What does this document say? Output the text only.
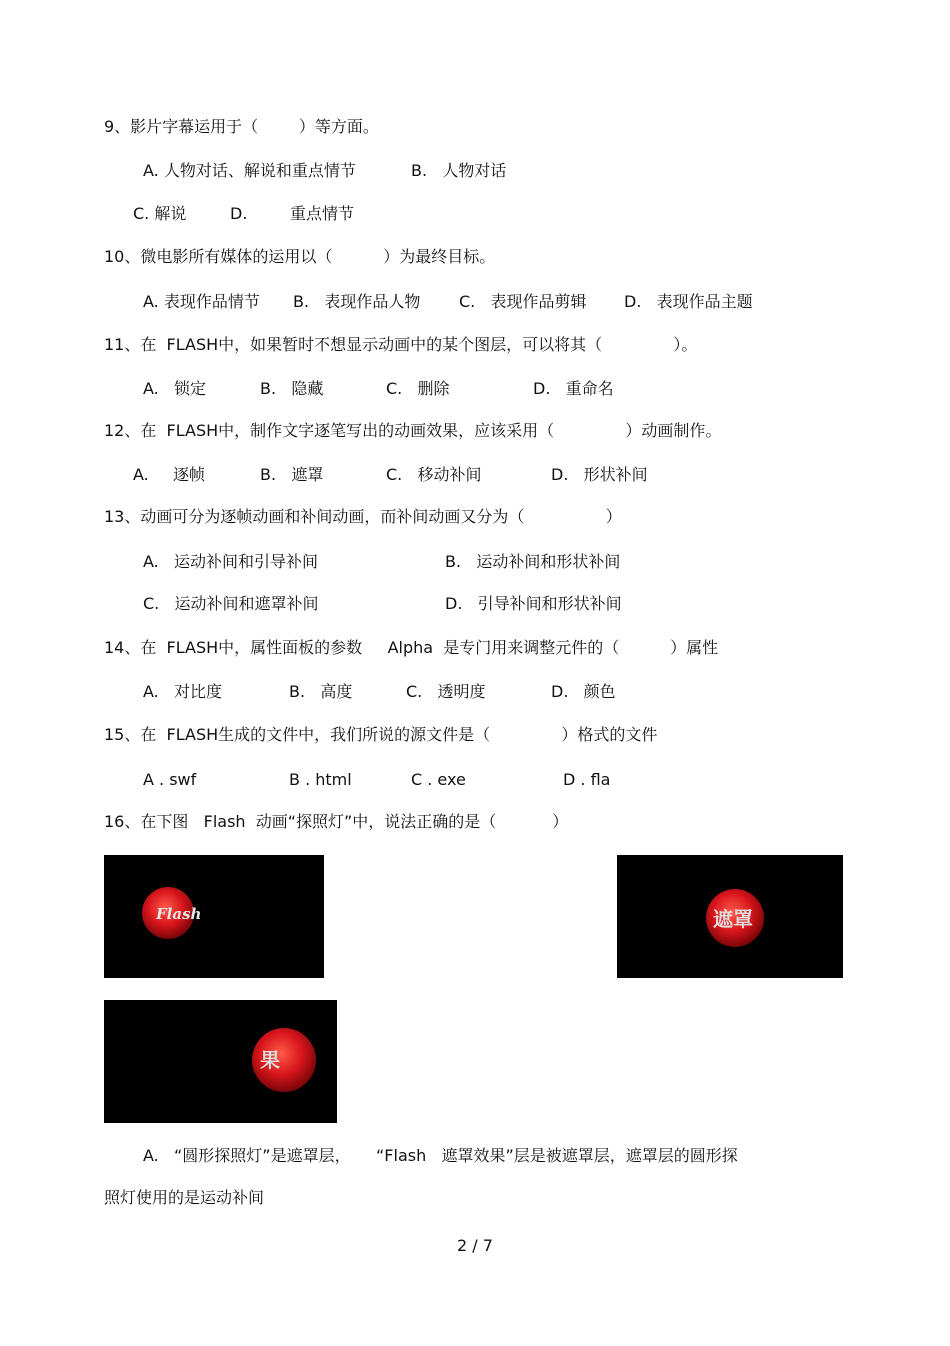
9、影片字幕运用于（        ）等方面。
A. 人物对话、解说和重点情节	B.   人物对话
C. 解说	D.	重点情节
10、微电影所有媒体的运用以（          ）为最终目标。
A. 表现作品情节 B.   表现作品人物 C.   表现作品剪辑 D.   表现作品主题
11、在  FLASH中，如果暂时不想显示动画中的某个图层，可以将其（              ）。
A.   锁定	B.   隐藏	C.   删除	D.   重命名
12、在  FLASH中，制作文字逐笔写出的动画效果，应该采用（              ）动画制作。
A. 逐帧	B.   遮罩	C.   移动补间	D.   形状补间
13、动画可分为逐帧动画和补间动画，而补间动画又分为（                ）
A.   运动补间和引导补间	B.   运动补间和形状补间
C.   运动补间和遮罩补间	D.   引导补间和形状补间
14、在  FLASH中，属性面板的参数     Alpha  是专门用来调整元件的（          ）属性
A.   对比度	B.   高度	C.   透明度	D.   颜色
15、在  FLASH生成的文件中，我们所说的源文件是（              ）格式的文件
A . swf	B . html	C . exe	D . fla
16、在下图   Flash  动画“探照灯”中，说法正确的是（           ）
Flash	遮罩
果
A.   “圆形探照灯”是遮罩层，     “Flash   遮罩效果”层是被遮罩层，遮罩层的圆形探
照灯使用的是运动补间
2 / 7
